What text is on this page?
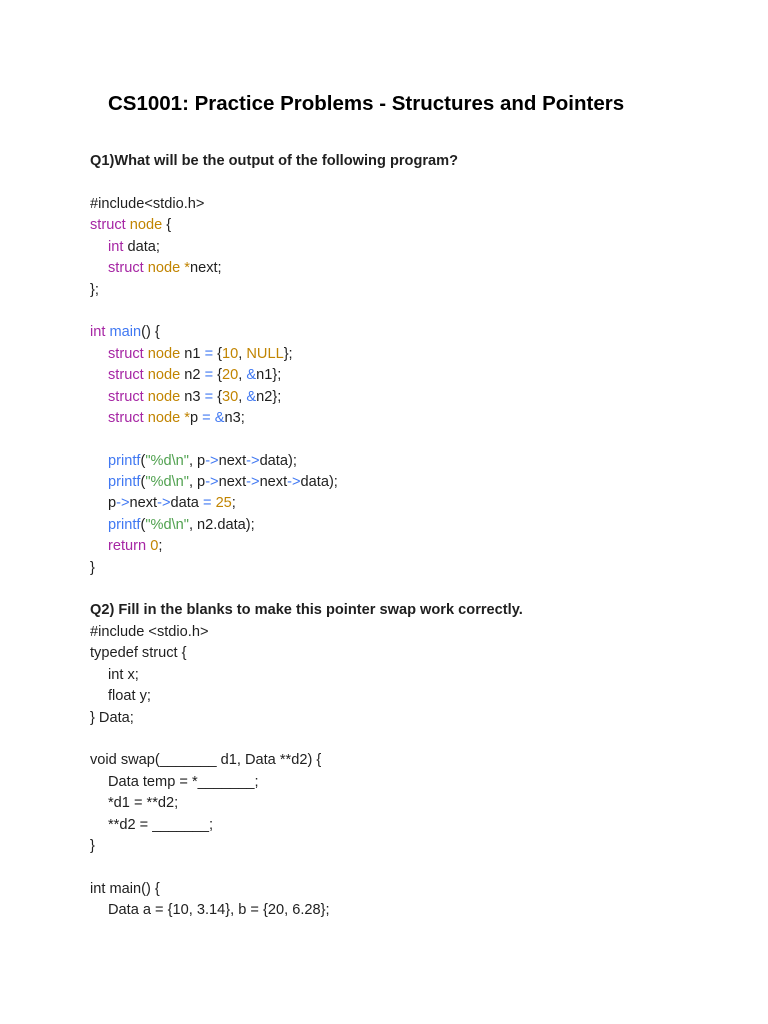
CS1001: Practice Problems - Structures and Pointers

Q1)What will be the output of the following program?

#include<stdio.h>
struct node {
int data;
struct node *next;
};
int main() {
struct node n1 = {10, NULL};
struct node n2 = {20, &n1};
struct node n3 = {30, &n2};
struct node *p = &n3;
printf("%d\n", p->next->data);
printf("%d\n", p->next->next->data);
p->next->data = 25;
printf("%d\n", n2.data);
return 0;
}

Q2) Fill in the blanks to make this pointer swap work correctly.

#include <stdio.h>
typedef struct {
int x;
float y;
} Data;
void swap(_______ d1, Data **d2) {
Data temp = *_______;
*d1 = **d2;
**d2 = _______;
}
int main() {
Data a = {10, 3.14}, b = {20, 6.28};
